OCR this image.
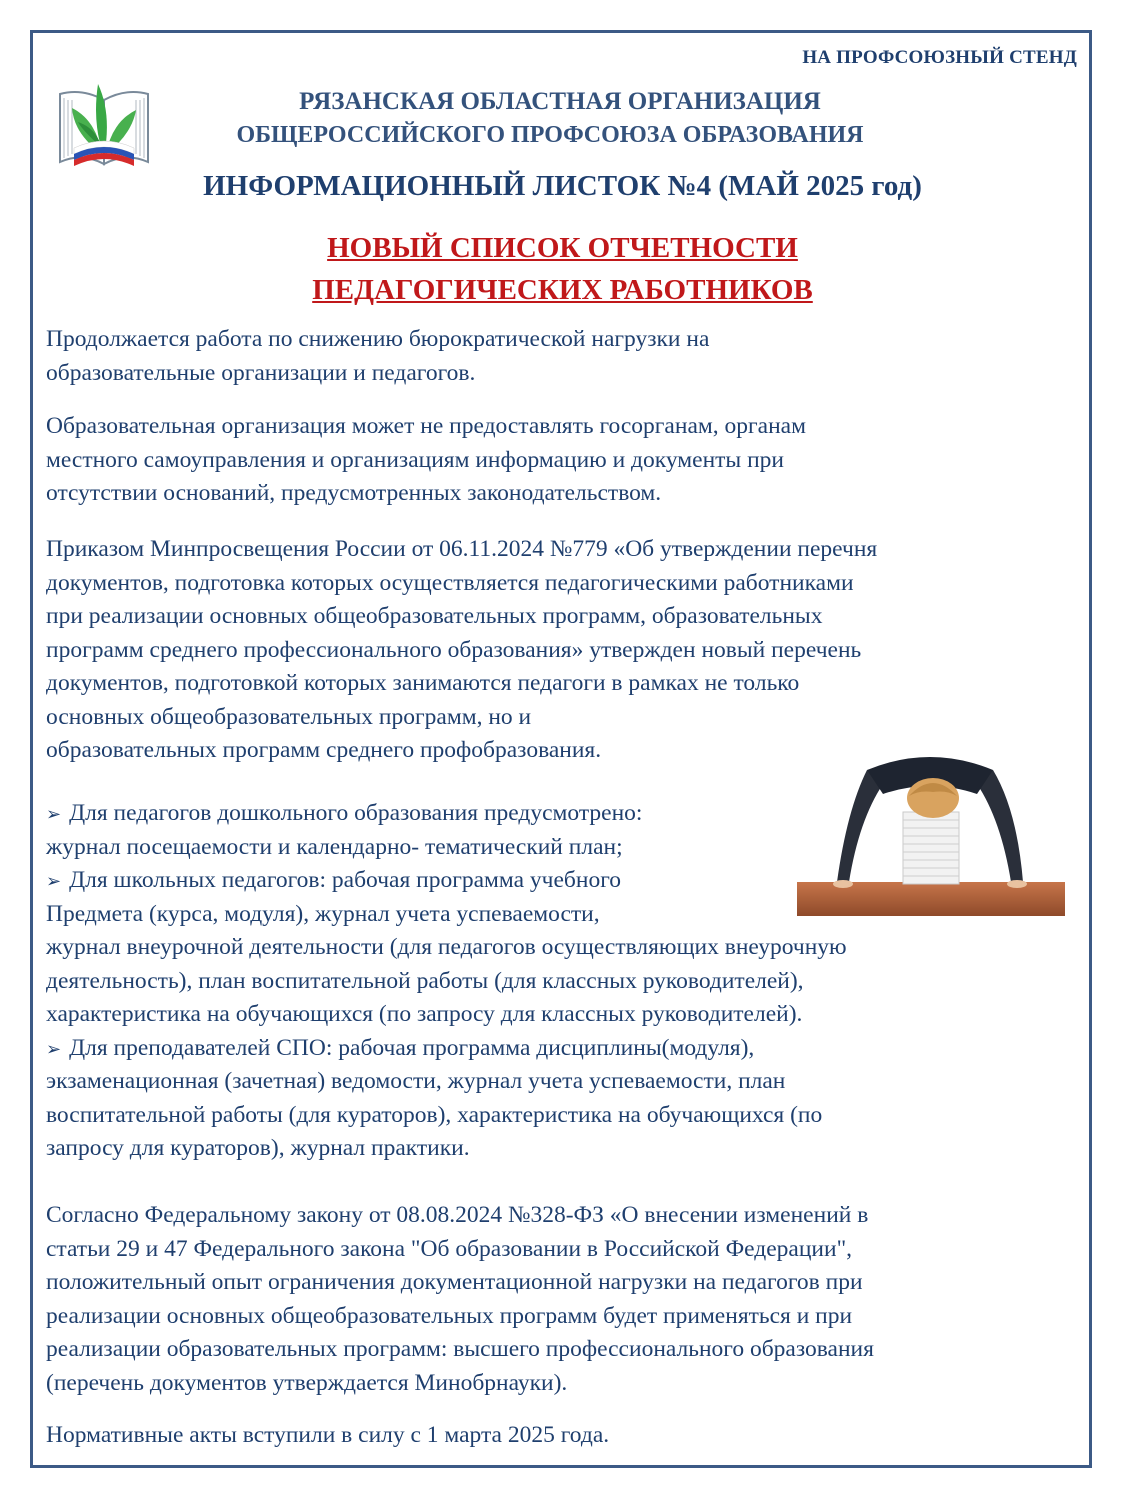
НА ПРОФСОЮЗНЫЙ СТЕНД
РЯЗАНСКАЯ ОБЛАСТНАЯ ОРГАНИЗАЦИЯ
ОБЩЕРОССИЙСКОГО ПРОФСОЮЗА ОБРАЗОВАНИЯ
ИНФОРМАЦИОННЫЙ ЛИСТОК №4 (МАЙ 2025 год)
НОВЫЙ СПИСОК ОТЧЕТНОСТИ
ПЕДАГОГИЧЕСКИХ РАБОТНИКОВ
Продолжается работа по снижению бюрократической нагрузки на
образовательные организации и педагогов.
Образовательная организация может не предоставлять госорганам, органам
местного самоуправления и организациям информацию и документы при
отсутствии оснований, предусмотренных законодательством.
Приказом Минпросвещения России от 06.11.2024 №779 «Об утверждении перечня
документов, подготовка которых осуществляется педагогическими работниками
при реализации основных общеобразовательных программ, образовательных
программ среднего профессионального образования» утвержден новый перечень
документов, подготовкой которых занимаются педагоги в рамках не только
основных общеобразовательных программ, но и
образовательных программ среднего профобразования.
➢ Для педагогов дошкольного образования предусмотрено:
журнал посещаемости и календарно- тематический план;
➢ Для школьных педагогов: рабочая программа учебного
Предмета (курса, модуля), журнал учета успеваемости,
журнал внеурочной деятельности (для педагогов осуществляющих внеурочную
деятельность), план воспитательной работы (для классных руководителей),
характеристика на обучающихся (по запросу для классных руководителей).
➢ Для преподавателей СПО: рабочая программа дисциплины(модуля),
экзаменационная (зачетная) ведомости, журнал учета успеваемости, план
воспитательной работы (для кураторов), характеристика на обучающихся (по
запросу для кураторов), журнал практики.
Согласно Федеральному закону от 08.08.2024 №328-ФЗ «О внесении изменений в
статьи 29 и 47 Федерального закона "Об образовании в Российской Федерации",
положительный опыт ограничения документационной нагрузки на педагогов при
реализации основных общеобразовательных программ будет применяться и при
реализации образовательных программ: высшего профессионального образования
(перечень документов утверждается Минобрнауки).
Нормативные акты вступили в силу с 1 марта 2025 года.
